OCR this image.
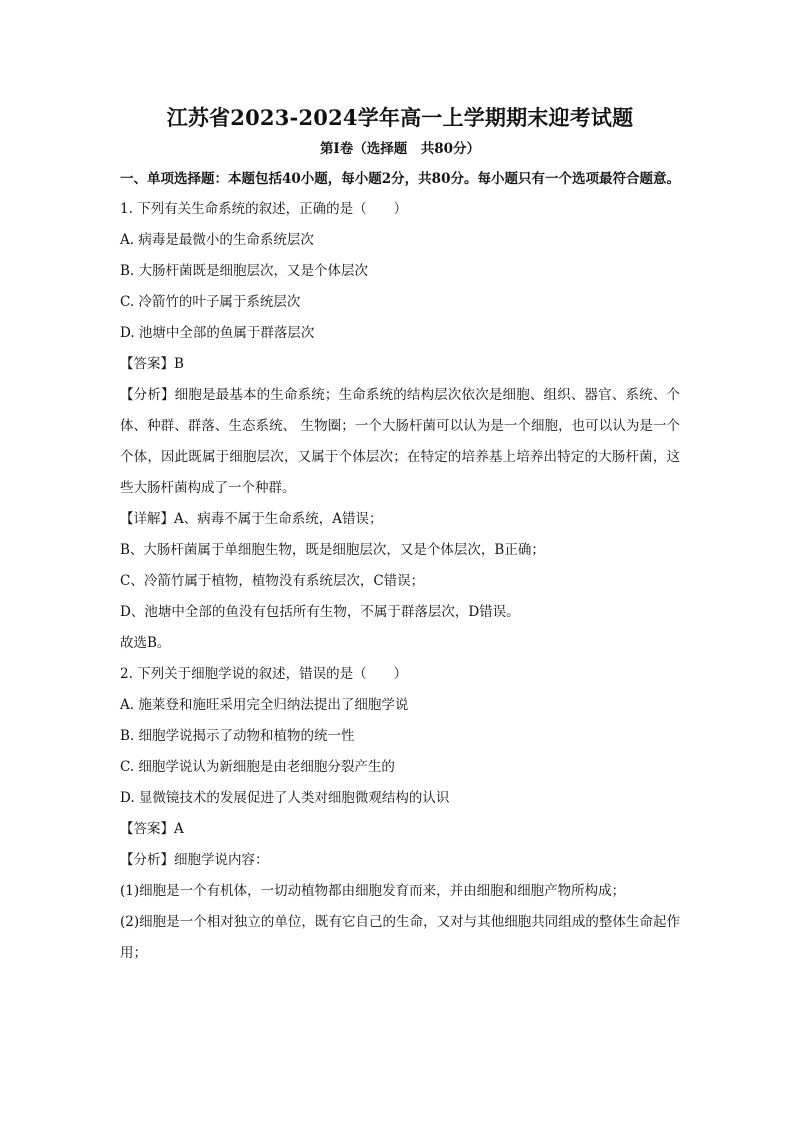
江苏省2023-2024学年高一上学期期末迎考试题

第Ⅰ卷（选择题　共80分）

一、单项选择题：本题包括40小题，每小题2分，共80分。每小题只有一个选项最符合题意。

1. 下列有关生命系统的叙述，正确的是（　　）

A. 病毒是最微小的生命系统层次

B. 大肠杆菌既是细胞层次，又是个体层次

C. 冷箭竹的叶子属于系统层次

D. 池塘中全部的鱼属于群落层次

【答案】B

【分析】细胞是最基本的生命系统；生命系统的结构层次依次是细胞、组织、器官、系统、个体、种群、群落、生态系统、 生物圈；一个大肠杆菌可以认为是一个细胞，也可以认为是一个个体，因此既属于细胞层次，又属于个体层次；在特定的培养基上培养出特定的大肠杆菌，这些大肠杆菌构成了一个种群。

【详解】A、病毒不属于生命系统，A错误；

B、大肠杆菌属于单细胞生物，既是细胞层次，又是个体层次，B正确；

C、冷箭竹属于植物，植物没有系统层次，C错误；

D、池塘中全部的鱼没有包括所有生物，不属于群落层次，D错误。

故选B。

2. 下列关于细胞学说的叙述，错误的是（　　）

A. 施莱登和施旺采用完全归纳法提出了细胞学说

B. 细胞学说揭示了动物和植物的统一性

C. 细胞学说认为新细胞是由老细胞分裂产生的

D. 显微镜技术的发展促进了人类对细胞微观结构的认识

【答案】A

【分析】细胞学说内容：

(1)细胞是一个有机体，一切动植物都由细胞发育而来，并由细胞和细胞产物所构成；

(2)细胞是一个相对独立的单位，既有它自己的生命，又对与其他细胞共同组成的整体生命起作用；
